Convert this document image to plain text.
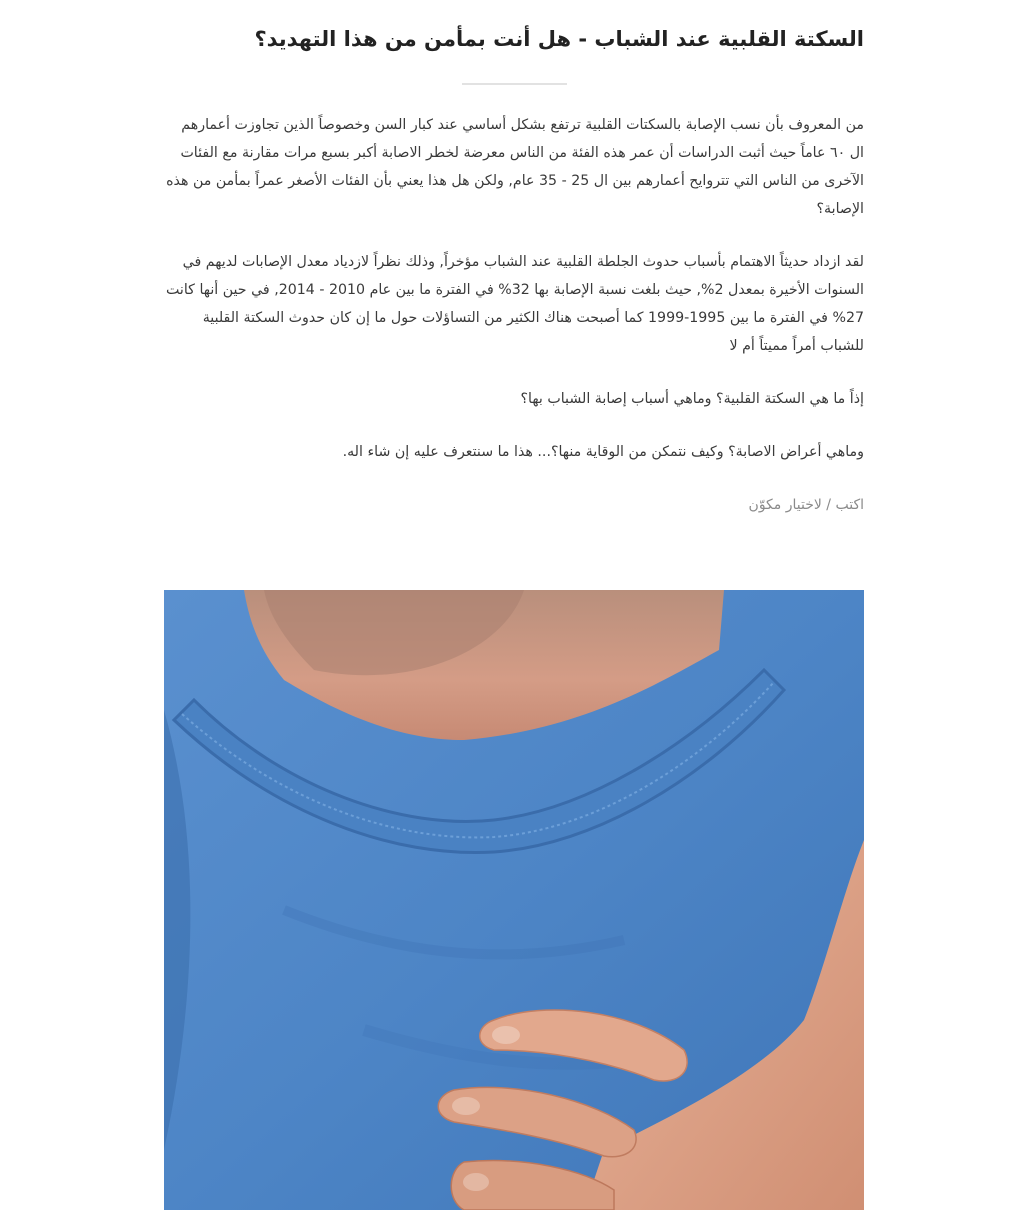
السكتة القلبية عند الشباب - هل أنت بمأمن من هذا التهديد؟

من المعروف بأن نسب الإصابة بالسكتات القلبية ترتفع بشكل أساسي عند كبار السن وخصوصاً الذين تجاوزت أعمارهم ال ٦٠ عاماً حيث أثبت الدراسات أن عمر هذه الفئة من الناس معرضة لخطر الاصابة أكبر بسبع مرات مقارنة مع الفئات الآخرى من الناس التي تتروايح أعمارهم بين ال 25 - 35 عام, ولكن هل هذا يعني بأن الفئات الأصغر عمراً بمأمن من هذه الإصابة؟

لقد ازداد حديثاً الاهتمام بأسباب حدوث الجلطة القلبية عند الشباب مؤخراً, وذلك نظراً لازدياد معدل الإصابات لديهم في السنوات الأخيرة بمعدل 2%, حيث بلغت نسبة الإصابة بها 32% في الفترة ما بين عام 2010 - 2014, في حين أنها كانت 27% في الفترة ما بين 1995-1999 كما أصبحت هناك الكثير من التساؤلات حول ما إن كان حدوث السكتة القلبية للشباب أمراً مميتاً أم لا

إذاً ما هي السكتة القلبية؟ وماهي أسباب إصابة الشباب بها؟

وماهي أعراض الاصابة؟ وكيف نتمكن من الوقاية منها؟... هذا ما سنتعرف عليه إن شاء اله.

اكتب / لاختيار مكوّن
